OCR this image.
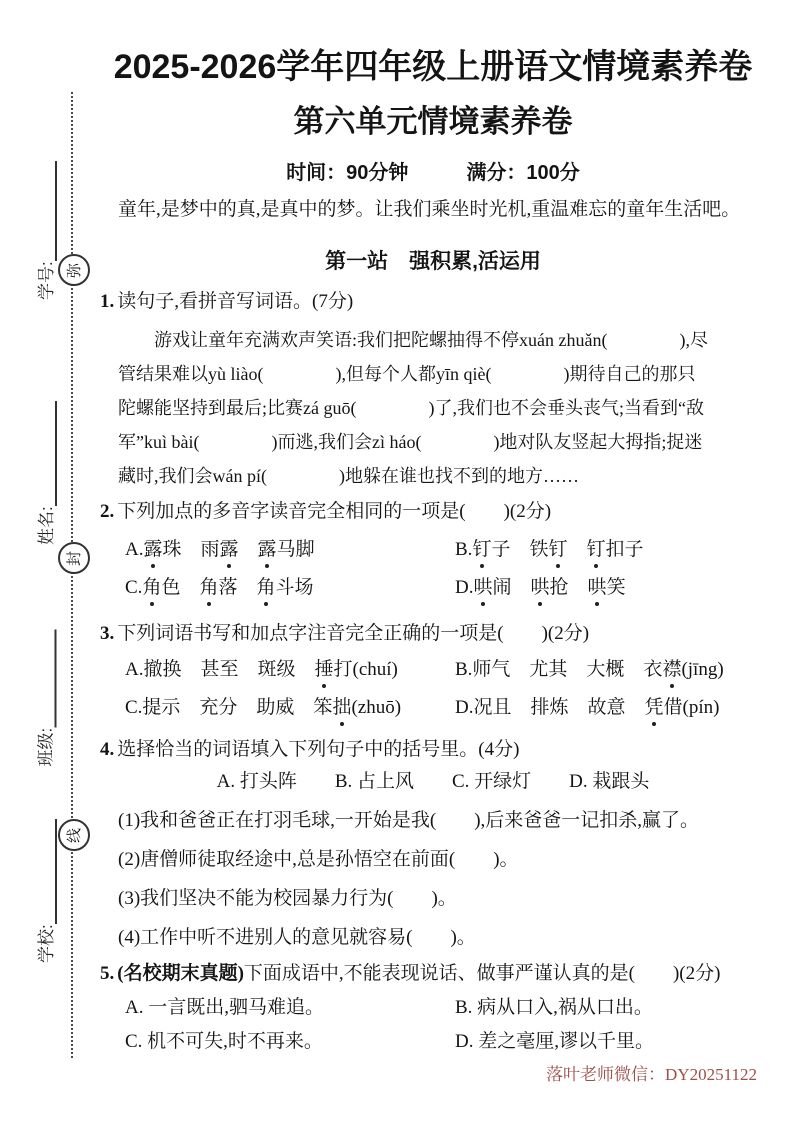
学号:
姓名:
班级:
学校:
弥
封
线
2025-2026学年四年级上册语文情境素养卷
第六单元情境素养卷
时间：90分钟	满分：100分
童年,是梦中的真,是真中的梦。让我们乘坐时光机,重温难忘的童年生活吧。
第一站　强积累,活运用
1. 读句子,看拼音写词语。(7分)
游戏让童年充满欢声笑语:我们把陀螺抽得不停xuán zhuǎn(　　　　),尽
管结果难以yù liào(　　　　),但每个人都yīn qiè(　　　　)期待自己的那只
陀螺能坚持到最后;比赛zá guō(　　　　)了,我们也不会垂头丧气;当看到“敌
军”kuì bài(　　　　)而逃,我们会zì háo(　　　　)地对队友竖起大拇指;捉迷
藏时,我们会wán pí(　　　　)地躲在谁也找不到的地方……
2. 下列加点的多音字读音完全相同的一项是(　　)(2分)
A.露珠　雨露　 露马脚	B.钉子　铁钉　 钉扣子
C.角色　角落　角斗场	D.哄闹　哄抢　哄笑
3. 下列词语书写和加点字注音完全正确的一项是(　　)(2分)
A.撤换　甚至　斑级　捶打(chuí)	B.师气　尤其　大概　衣襟(jīng)
C.提示　充分　助威　笨拙(zhuō)	D.况且　排炼　故意　凭借(pín)
4. 选择恰当的词语填入下列句子中的括号里。(4分)
A. 打头阵　　B. 占上风　　C. 开绿灯　　D. 栽跟头
(1)我和爸爸正在打羽毛球,一开始是我(　　),后来爸爸一记扣杀,赢了。
(2)唐僧师徒取经途中,总是孙悟空在前面(　　)。
(3)我们坚决不能为校园暴力行为(　　)。
(4)工作中听不进别人的意见就容易(　　)。
5. (名校期末真题)下面成语中,不能表现说话、做事严谨认真的是(　　)(2分)
A. 一言既出,驷马难追。	B. 病从口入,祸从口出。
C. 机不可失,时不再来。	D. 差之毫厘,谬以千里。
落叶老师微信：DY20251122
